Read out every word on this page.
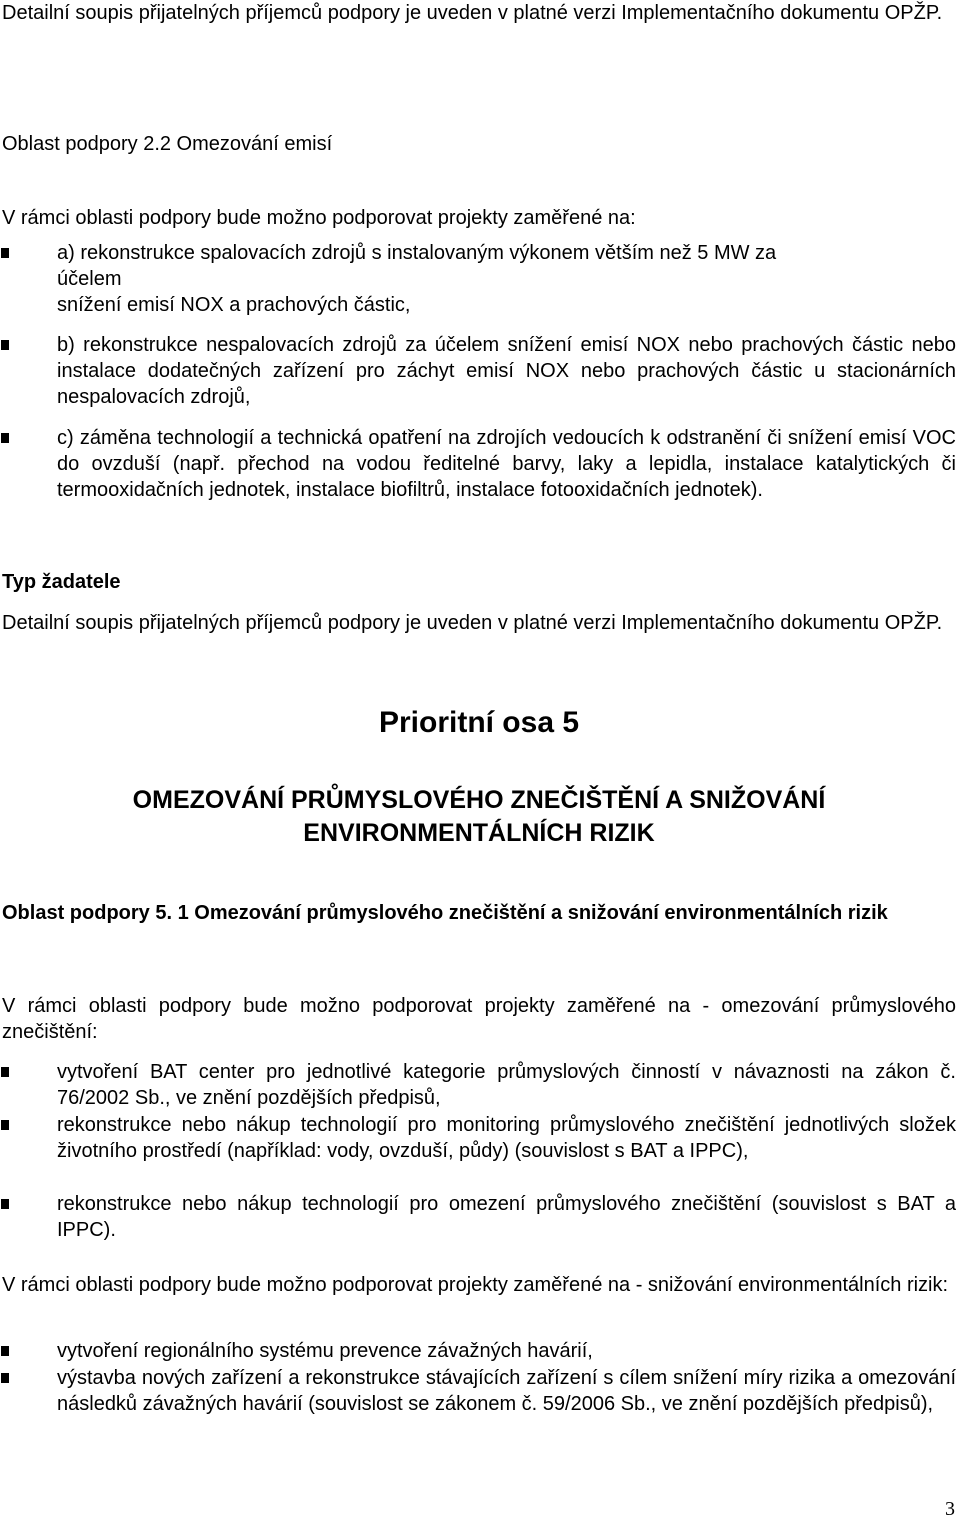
Detailní soupis přijatelných příjemců podpory je uveden v platné verzi Implementačního dokumentu OPŽP.

Oblast podpory 2.2 Omezování emisí

V rámci oblasti podpory bude možno podporovat projekty zaměřené na:

a) rekonstrukce spalovacích zdrojů s instalovaným výkonem větším než 5 MW za
účelem
snížení emisí NOX a prachových částic,

b) rekonstrukce nespalovacích zdrojů za účelem snížení emisí NOX nebo prachových částic nebo instalace dodatečných zařízení pro záchyt emisí NOX nebo prachových částic u stacionárních nespalovacích zdrojů,

c) záměna technologií a technická opatření na zdrojích vedoucích k odstranění či snížení emisí VOC do ovzduší (např. přechod na vodou ředitelné barvy, laky a lepidla, instalace katalytických či termooxidačních jednotek, instalace biofiltrů, instalace fotooxidačních jednotek).

Typ žadatele

Detailní soupis přijatelných příjemců podpory je uveden v platné verzi Implementačního dokumentu OPŽP.

Prioritní osa 5
OMEZOVÁNÍ PRŮMYSLOVÉHO ZNEČIŠTĚNÍ A SNIŽOVÁNÍ
ENVIRONMENTÁLNÍCH RIZIK

Oblast podpory 5. 1 Omezování průmyslového znečištění a snižování environmentálních rizik

V rámci oblasti podpory bude možno podporovat projekty zaměřené na - omezování průmyslového znečištění:

vytvoření BAT center pro jednotlivé kategorie průmyslových činností v návaznosti na zákon č. 76/2002 Sb., ve znění pozdějších předpisů,

rekonstrukce nebo nákup technologií pro monitoring průmyslového znečištění jednotlivých složek životního prostředí (například: vody, ovzduší, půdy) (souvislost s BAT a IPPC),

rekonstrukce nebo nákup technologií pro omezení průmyslového znečištění (souvislost s BAT a IPPC).

V rámci oblasti podpory bude možno podporovat projekty zaměřené na - snižování environmentálních rizik:

vytvoření regionálního systému prevence závažných havárií,

výstavba nových zařízení a rekonstrukce stávajících zařízení s cílem snížení míry rizika a omezování následků závažných havárií (souvislost se zákonem č. 59/2006 Sb., ve znění pozdějších předpisů),

3
